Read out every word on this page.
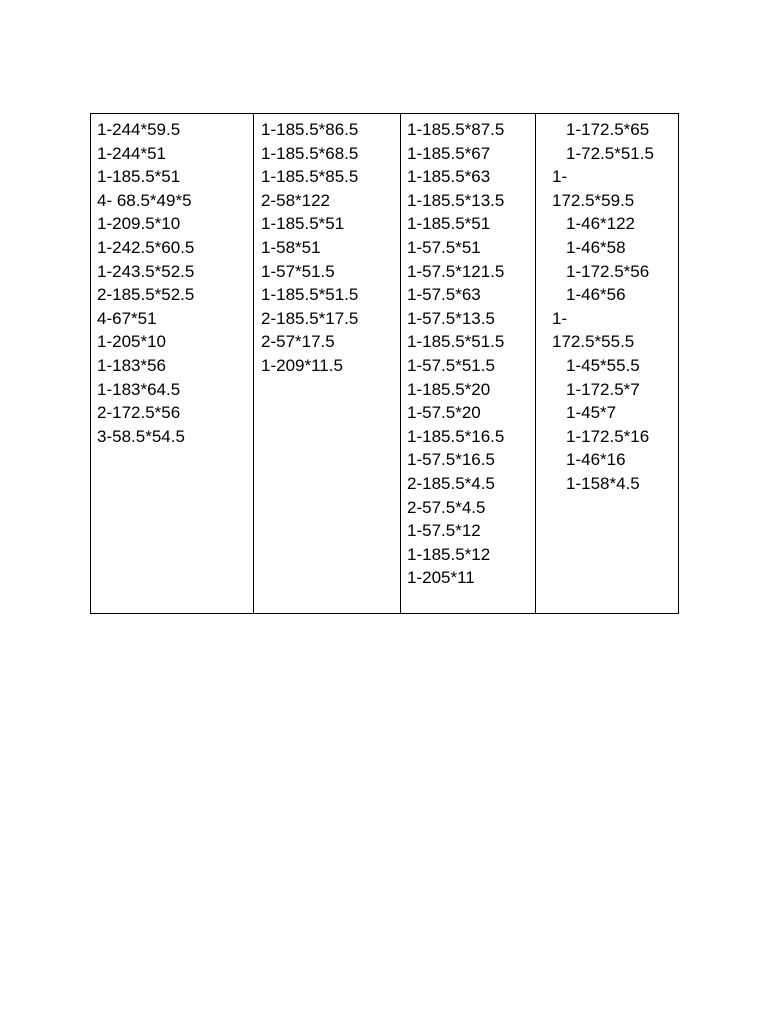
1-244*59.5
1-244*51
1-185.5*51
4- 68.5*49*5
1-209.5*10
1-242.5*60.5
1-243.5*52.5
2-185.5*52.5
4-67*51
1-205*10
1-183*56
1-183*64.5
2-172.5*56
3-58.5*54.5

1-185.5*86.5
1-185.5*68.5
1-185.5*85.5
2-58*122
1-185.5*51
1-58*51
1-57*51.5
1-185.5*51.5
2-185.5*17.5
2-57*17.5
1-209*11.5

1-185.5*87.5
1-185.5*67
1-185.5*63
1-185.5*13.5
1-185.5*51
1-57.5*51
1-57.5*121.5
1-57.5*63
1-57.5*13.5
1-185.5*51.5
1-57.5*51.5
1-185.5*20
1-57.5*20
1-185.5*16.5
1-57.5*16.5
2-185.5*4.5
2-57.5*4.5
1-57.5*12
1-185.5*12
1-205*11

1-172.5*65
1-72.5*51.5
1-
172.5*59.5
1-46*122
1-46*58
1-172.5*56
1-46*56
1-
172.5*55.5
1-45*55.5
1-172.5*7
1-45*7
1-172.5*16
1-46*16
1-158*4.5
